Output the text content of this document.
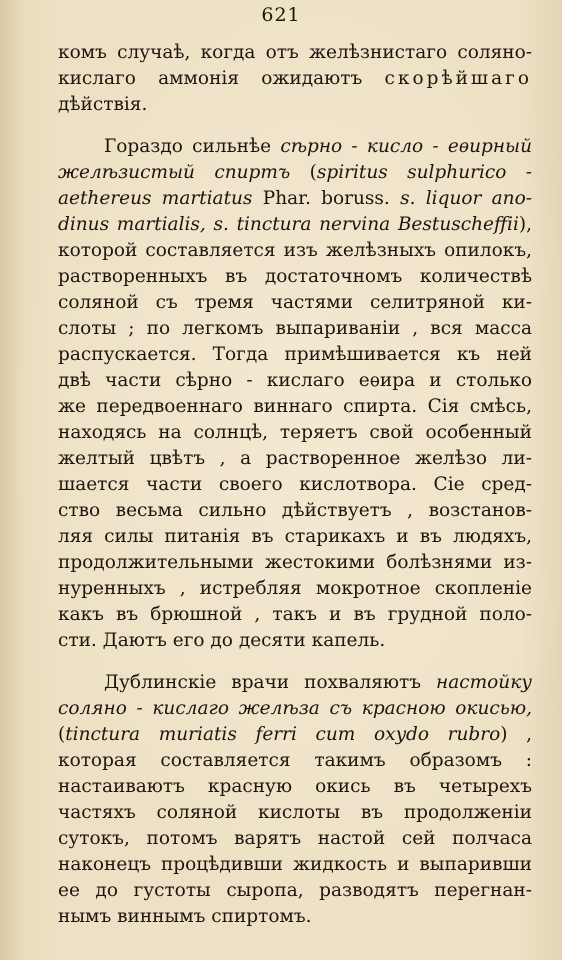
621
комъ случаѣ, когда отъ желѣзнистаго соляно-
кислаго аммонія ожидаютъ скорѣйшаго
дѣйствія.
Гораздо сильнѣе сѣрно - кисло - еѳирный
желѣзистый спиртъ (spiritus sulphurico -
aethereus martiatus Phar. boruss. s. liquor ano-
dinus martialis, s. tinctura nervina Bestuscheffii),
которой составляется изъ желѣзныхъ опилокъ,
растворенныхъ въ достаточномъ количествѣ
соляной съ тремя частями селитряной ки-
слоты ; по легкомъ выпариваніи , вся масса
распускается. Тогда примѣшивается къ ней
двѣ части сѣрно - кислаго еѳира и столько
же передвоеннаго виннаго спирта. Сія смѣсь,
находясь на солнцѣ, теряетъ свой особенный
желтый цвѣтъ , а растворенное желѣзо ли-
шается части своего кислотвора. Сіе сред-
ство весьма сильно дѣйствуетъ , возстанов-
ляя силы питанія въ старикахъ и въ людяхъ,
продолжительными жестокими болѣзнями из-
нуренныхъ , истребляя мокротное скопленіе
какъ въ брюшной , такъ и въ грудной поло-
сти. Даютъ его до десяти капель.
Дублинскіе врачи похваляютъ настойку
солянo - кислаго желѣза съ красною окисью,
(tinctura muriatis ferri cum oxydo rubro) ,
которая составляется такимъ образомъ :
настаиваютъ красную окись въ четырехъ
частяхъ соляной кислоты въ продолженіи
сутокъ, потомъ варятъ настой сей полчаса
наконецъ процѣдивши жидкость и выпаривши
ее до густоты сыропа, разводятъ перегнан-
нымъ виннымъ спиртомъ.
